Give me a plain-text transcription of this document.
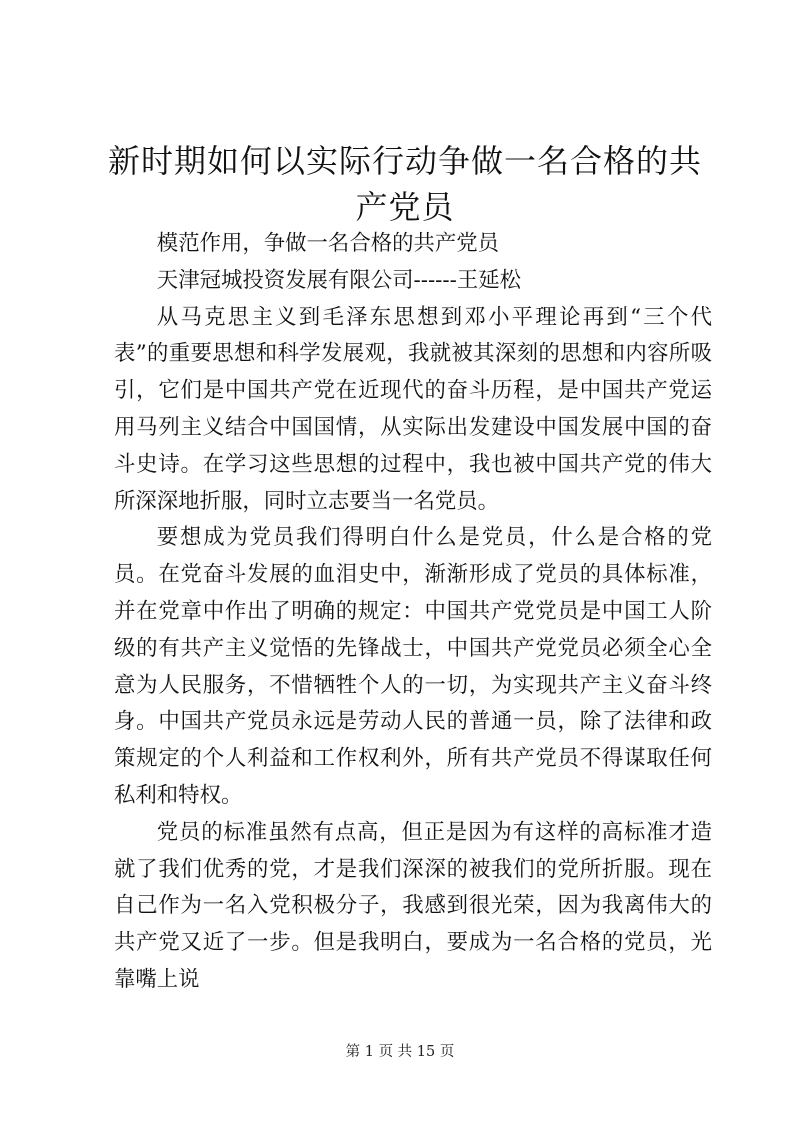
新时期如何以实际行动争做一名合格的共产党员

模范作用，争做一名合格的共产党员

天津冠城投资发展有限公司------王延松

从马克思主义到毛泽东思想到邓小平理论再到“三个代表”的重要思想和科学发展观，我就被其深刻的思想和内容所吸引，它们是中国共产党在近现代的奋斗历程，是中国共产党运用马列主义结合中国国情，从实际出发建设中国发展中国的奋斗史诗。在学习这些思想的过程中，我也被中国共产党的伟大所深深地折服，同时立志要当一名党员。

要想成为党员我们得明白什么是党员，什么是合格的党员。在党奋斗发展的血泪史中，渐渐形成了党员的具体标准，并在党章中作出了明确的规定：中国共产党党员是中国工人阶级的有共产主义觉悟的先锋战士，中国共产党党员必须全心全意为人民服务，不惜牺牲个人的一切，为实现共产主义奋斗终身。中国共产党员永远是劳动人民的普通一员，除了法律和政策规定的个人利益和工作权利外，所有共产党员不得谋取任何私利和特权。

党员的标准虽然有点高，但正是因为有这样的高标准才造就了我们优秀的党，才是我们深深的被我们的党所折服。现在自己作为一名入党积极分子，我感到很光荣，因为我离伟大的共产党又近了一步。但是我明白，要成为一名合格的党员，光靠嘴上说

第 1 页 共 15 页
